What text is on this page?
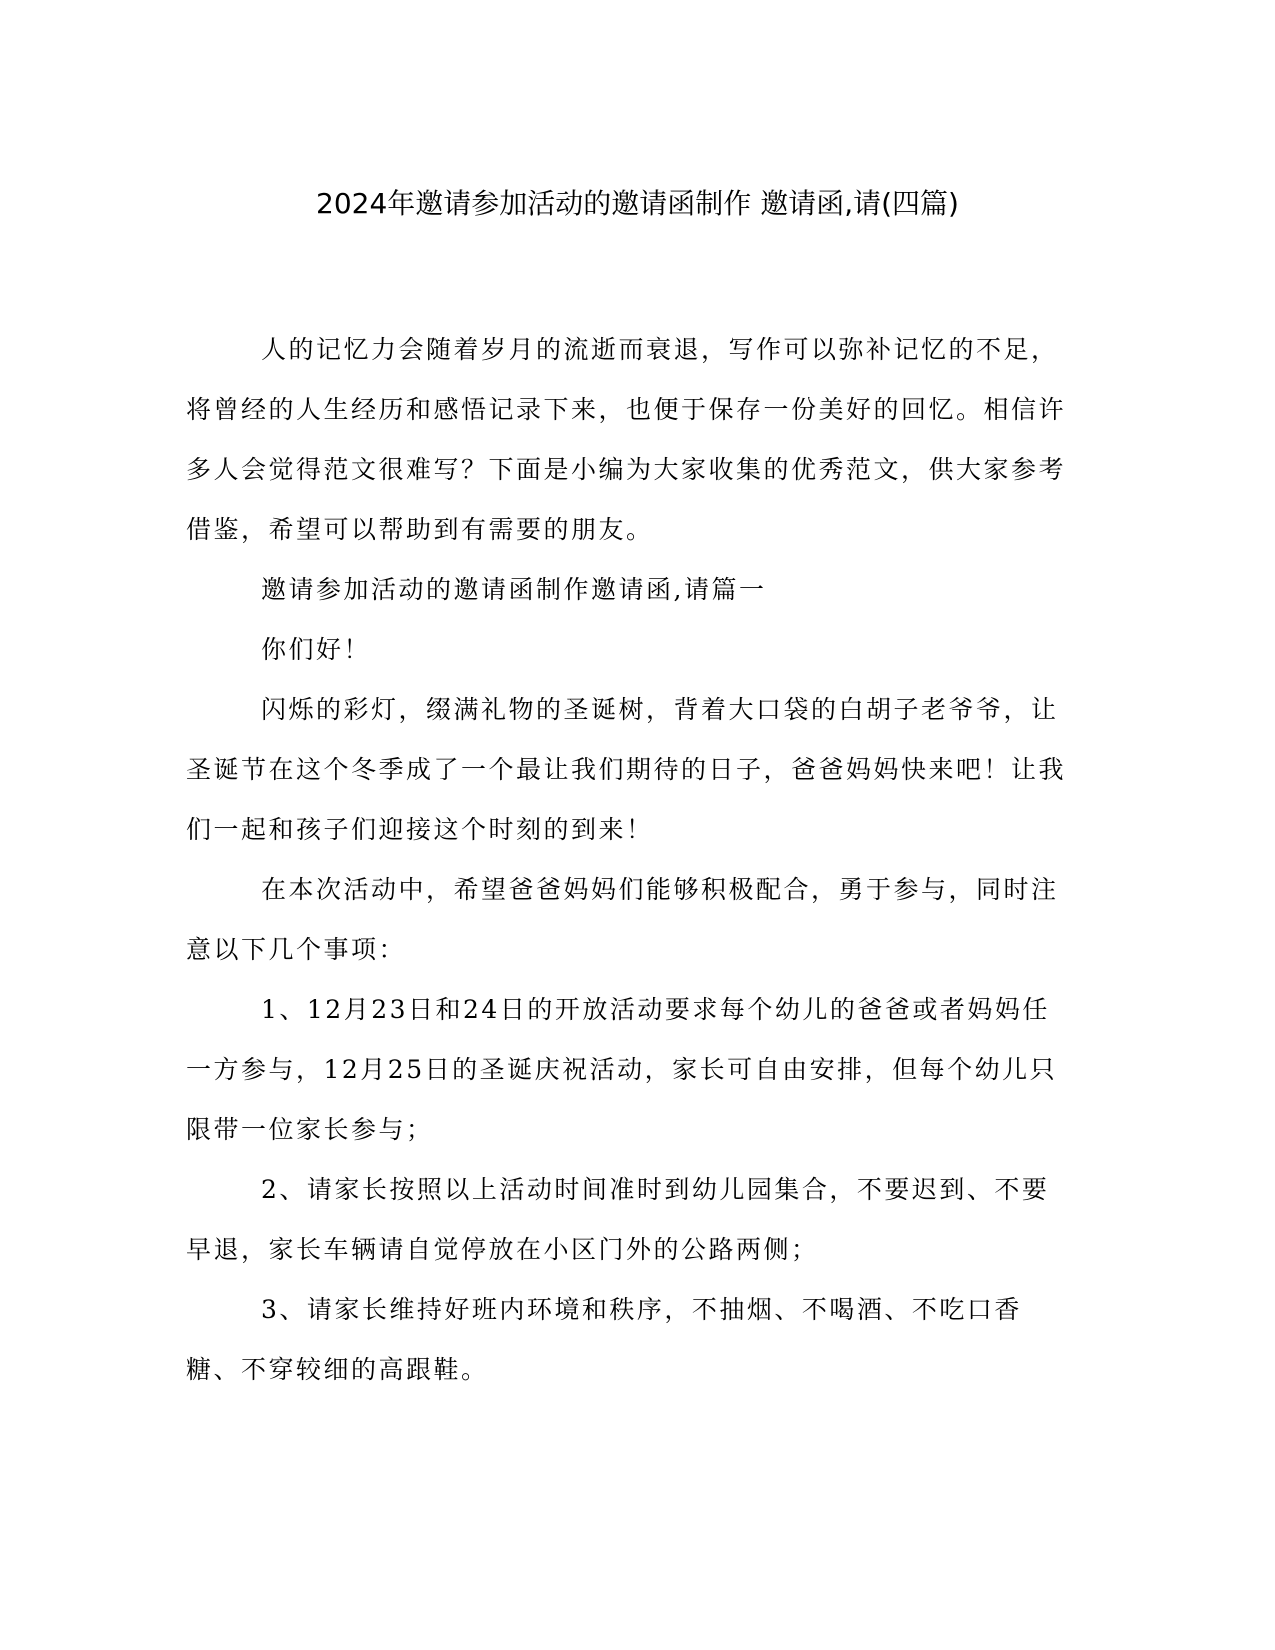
2024年邀请参加活动的邀请函制作 邀请函,请(四篇)

人的记忆力会随着岁月的流逝而衰退，写作可以弥补记忆的不足，将曾经的人生经历和感悟记录下来，也便于保存一份美好的回忆。相信许多人会觉得范文很难写？下面是小编为大家收集的优秀范文，供大家参考借鉴，希望可以帮助到有需要的朋友。

邀请参加活动的邀请函制作邀请函,请篇一

你们好！

闪烁的彩灯，缀满礼物的圣诞树，背着大口袋的白胡子老爷爷，让圣诞节在这个冬季成了一个最让我们期待的日子，爸爸妈妈快来吧！让我们一起和孩子们迎接这个时刻的到来！

在本次活动中，希望爸爸妈妈们能够积极配合，勇于参与，同时注意以下几个事项：

1、12月23日和24日的开放活动要求每个幼儿的爸爸或者妈妈任一方参与，12月25日的圣诞庆祝活动，家长可自由安排，但每个幼儿只限带一位家长参与；

2、请家长按照以上活动时间准时到幼儿园集合，不要迟到、不要早退，家长车辆请自觉停放在小区门外的公路两侧；

3、请家长维持好班内环境和秩序，不抽烟、不喝酒、不吃口香糖、不穿较细的高跟鞋。
